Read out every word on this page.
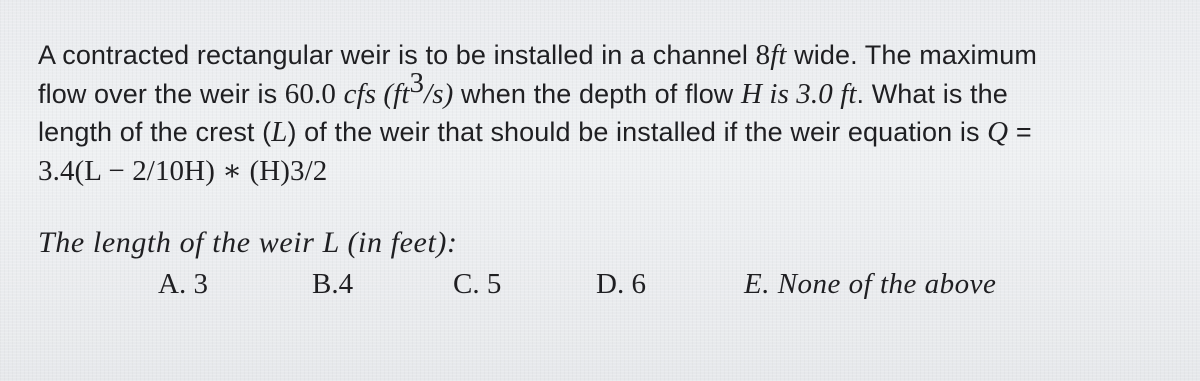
A contracted rectangular weir is to be installed in a channel 8ft wide. The maximum
flow over the weir is 60.0 cfs $(ft^3/s)$ when the depth of flow H is 3.0 ft. What is the
length of the crest (L) of the weir that should be installed if the weir equation is Q =
3.4(L − 2/10H) ∗ (H)3/2
The length of the weir L (in feet):
A. 3	B.4	C. 5	D. 6	E. None of the above
